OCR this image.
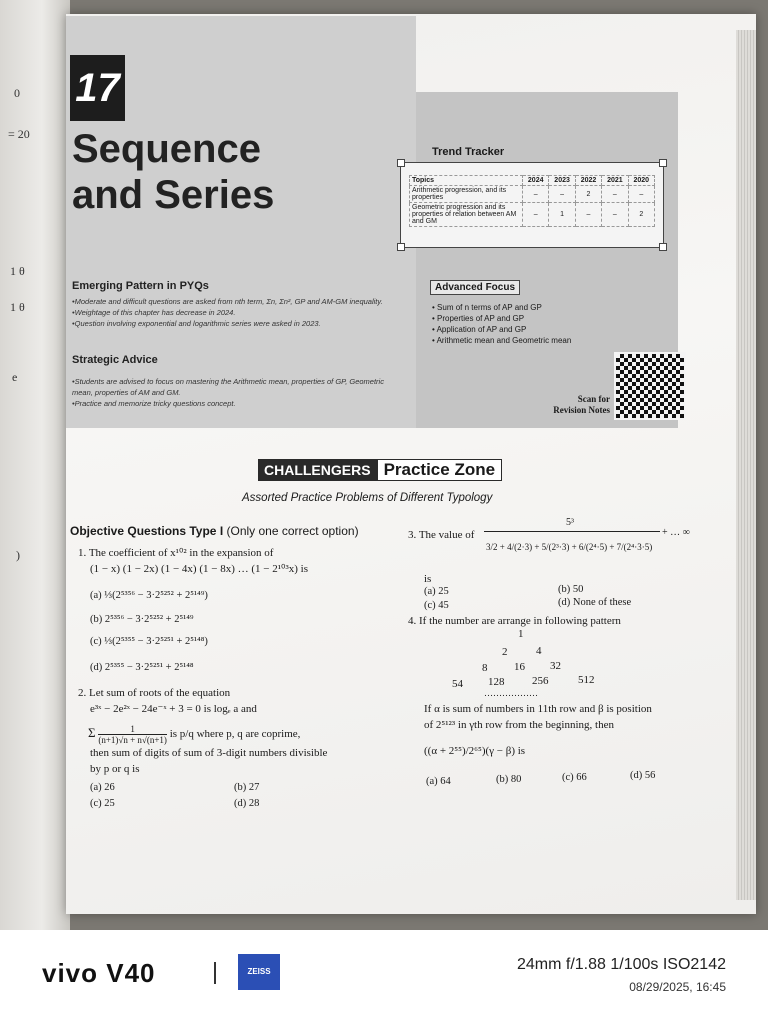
0
= 20
1 θ
1 θ
e
)
17
Sequence
and Series
Emerging Pattern in PYQs
• Moderate and difficult questions are asked from nth term, Σn, Σn², GP and AM-GM inequality.
• Weightage of this chapter has decrease in 2024.
• Question involving exponential and logarithmic series were asked in 2023.
Strategic Advice
• Students are advised to focus on mastering the Arithmetic mean, properties of GP, Geometric mean, properties of AM and GM.
• Practice and memorize tricky questions concept.
Trend Tracker
Topics	2024	2023	2022	2021	2020
Arithmetic progression, and its properties	–	–	2	–	–
Geometric progression and its properties of relation between AM and GM	–	1	–	–	2
Advanced Focus
• Sum of n terms of AP and GP
• Properties of AP and GP
• Application of AP and GP
• Arithmetic mean and Geometric mean
Scan for
Revision Notes
CHALLENGERS Practice Zone
Assorted Practice Problems of Different Typology
Objective Questions Type I (Only one correct option)
1. The coefficient of x¹⁰² in the expansion of
(1 − x) (1 − 2x) (1 − 4x) (1 − 8x) … (1 − 2¹⁰³x) is
(a) ⅓(2⁵³⁵⁶ − 3·2⁵²⁵² + 2⁵¹⁴⁹)
(b) 2⁵³⁵⁶ − 3·2⁵²⁵² + 2⁵¹⁴⁹
(c) ⅓(2⁵³⁵⁵ − 3·2⁵²⁵¹ + 2⁵¹⁴⁸)
(d) 2⁵³⁵⁵ − 3·2⁵²⁵¹ + 2⁵¹⁴⁸
2. Let sum of roots of the equation
e³ˣ − 2e²ˣ − 24e⁻ˣ + 3 = 0 is logₑ a and
Σ $\frac{1}{(n+1)√n + n√(n+1)}$ is p/q where p, q are coprime,
then sum of digits of sum of 3-digit numbers divisible
by p or q is
(a) 26	(b) 27
(c) 25	(d) 28
3. The value of
5³
3/2 + 4/(2·3) + 5/(2³·3) + 6/(2⁴·5) + 7/(2⁴·3·5)
+ … ∞
is
(a) 25	(b) 50
(c) 45	(d) None of these
4. If the number are arrange in following pattern
1
2	4
8 16 32
54 128	256	512
………………
If α is sum of numbers in 11th row and β is position
of 2⁵¹²³ in γth row from the beginning, then
((α + 2⁵⁵)/2⁶⁵)(γ − β) is
(a) 64	(b) 80	(c) 66	(d) 56
vivo V40	ZEISS	24mm f/1.88 1/100s ISO2142
08/29/2025, 16:45
